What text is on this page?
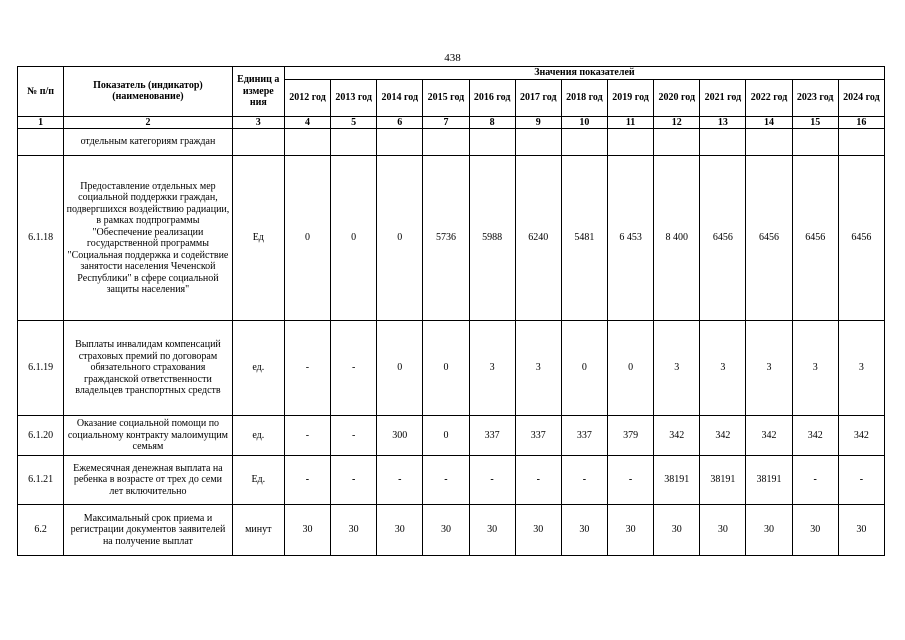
438
№ п/п	Показатель (индикатор) (наименование)	Единиц а измере ния	Значения показателей												
			2012 год	2013 год	2014 год	2015 год	2016 год	2017 год	2018 год	2019 год	2020 год	2021 год	2022 год	2023 год	2024 год
1	2	3	4	5	6	7	8	9	10	11	12	13	14	15	16
	отдельным категориям граждан														
6.1.18	Предоставление отдельных мер социальной поддержки граждан, подвергшихся воздействию радиации, в рамках подпрограммы "Обеспечение реализации государственной программы "Социальная поддержка и содействие занятости населения Чеченской Республики" в сфере социальной защиты населения"	Ед	0	0	0	5736	5988	6240	5481	6 453	8 400	6456	6456	6456	6456
6.1.19	Выплаты инвалидам компенсаций страховых премий по договорам обязательного страхования гражданской ответственности владельцев транспортных средств	ед.	-	-	0	0	3	3	0	0	3	3	3	3	3
6.1.20	Оказание социальной помощи по социальному контракту малоимущим семьям	ед.	-	-	300	0	337	337	337	379	342	342	342	342	342
6.1.21	Ежемесячная денежная выплата на ребенка в возрасте от трех до семи лет включительно	Ед.	-	-	-	-	-	-	-	-	38191	38191	38191	-	-
6.2	Максимальный срок приема и регистрации документов заявителей на получение выплат	минут	30	30	30	30	30	30	30	30	30	30	30	30	30
